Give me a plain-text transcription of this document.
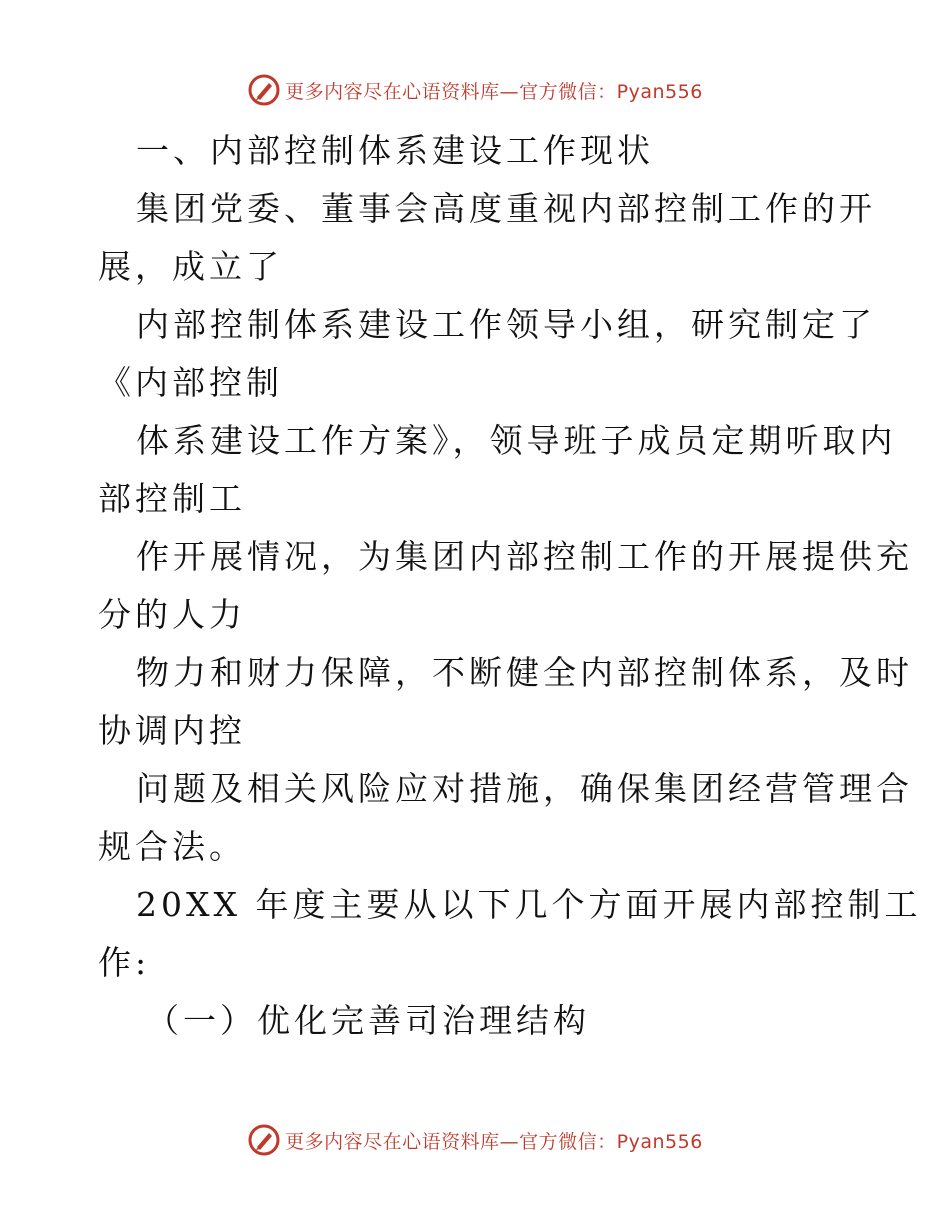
更多内容尽在心语资料库—官方微信：Pyan556
一、内部控制体系建设工作现状
集团党委、董事会高度重视内部控制工作的开
展，成立了
内部控制体系建设工作领导小组，研究制定了
《内部控制
体系建设工作方案》，领导班子成员定期听取内
部控制工
作开展情况，为集团内部控制工作的开展提供充
分的人力
物力和财力保障，不断健全内部控制体系，及时
协调内控
问题及相关风险应对措施，确保集团经营管理合
规合法。
20XX 年度主要从以下几个方面开展内部控制工
作:
（一）优化完善司治理结构
更多内容尽在心语资料库—官方微信：Pyan556
